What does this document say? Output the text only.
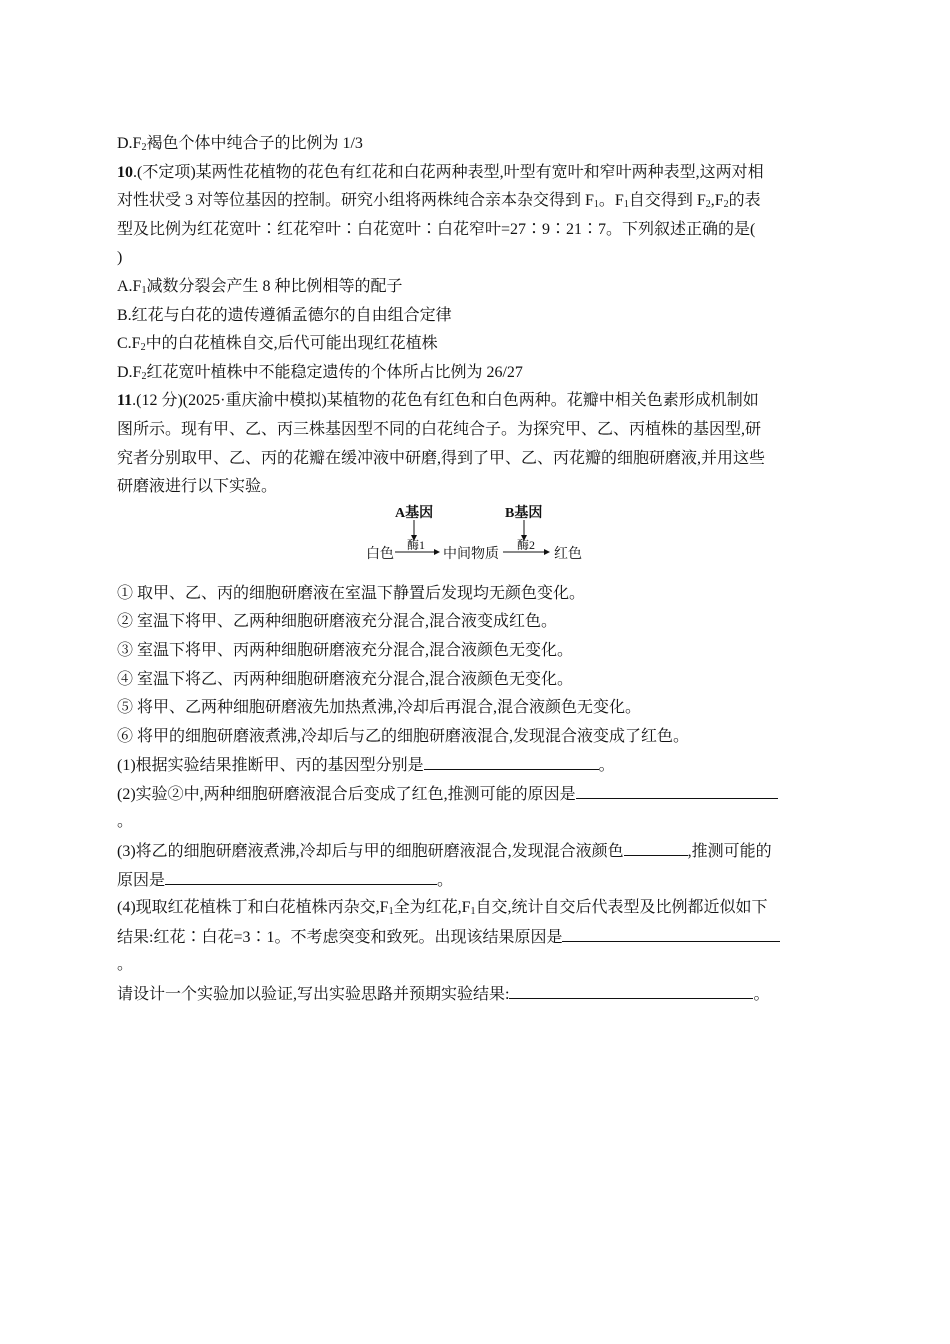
$D.F_2$褐色个体中纯合子的比例为 1/3
10.(不定项)某两性花植物的花色有红花和白花两种表型,叶型有宽叶和窄叶两种表型,这两对相
对性状受 3 对等位基因的控制。研究小组将两株纯合亲本杂交得到 $F_1$。$F_1$自交得到 $F_2,F_2$的表
型及比例为红花宽叶∶红花窄叶∶白花宽叶∶白花窄叶=27∶9∶21∶7。下列叙述正确的是(
)
$A.F_1$减数分裂会产生 8 种比例相等的配子
B.红花与白花的遗传遵循孟德尔的自由组合定律
$C.F_2$中的白花植株自交,后代可能出现红花植株
$D.F_2$红花宽叶植株中不能稳定遗传的个体所占比例为 26/27
11.(12 分)(2025·重庆渝中模拟)某植物的花色有红色和白色两种。花瓣中相关色素形成机制如
图所示。现有甲、乙、丙三株基因型不同的白花纯合子。为探究甲、乙、丙植株的基因型,研
究者分别取甲、乙、丙的花瓣在缓冲液中研磨,得到了甲、乙、丙花瓣的细胞研磨液,并用这些
研磨液进行以下实验。
A基因	B基因
白色
酶1
中间物质
酶2
红色
① 取甲、乙、丙的细胞研磨液在室温下静置后发现均无颜色变化。
② 室温下将甲、乙两种细胞研磨液充分混合,混合液变成红色。
③ 室温下将甲、丙两种细胞研磨液充分混合,混合液颜色无变化。
④ 室温下将乙、丙两种细胞研磨液充分混合,混合液颜色无变化。
⑤ 将甲、乙两种细胞研磨液先加热煮沸,冷却后再混合,混合液颜色无变化。
⑥ 将甲的细胞研磨液煮沸,冷却后与乙的细胞研磨液混合,发现混合液变成了红色。
(1)根据实验结果推断甲、丙的基因型分别是	。
(2)实验②中,两种细胞研磨液混合后变成了红色,推测可能的原因是
。
(3)将乙的细胞研磨液煮沸,冷却后与甲的细胞研磨液混合,发现混合液颜色	,推测可能的
原因是	。
(4)现取红花植株丁和白花植株丙杂交$,F_1$全为红花$,F_1$自交,统计自交后代表型及比例都近似如下
结果:红花∶白花=3∶1。不考虑突变和致死。出现该结果原因是
。
请设计一个实验加以验证,写出实验思路并预期实验结果:	。
